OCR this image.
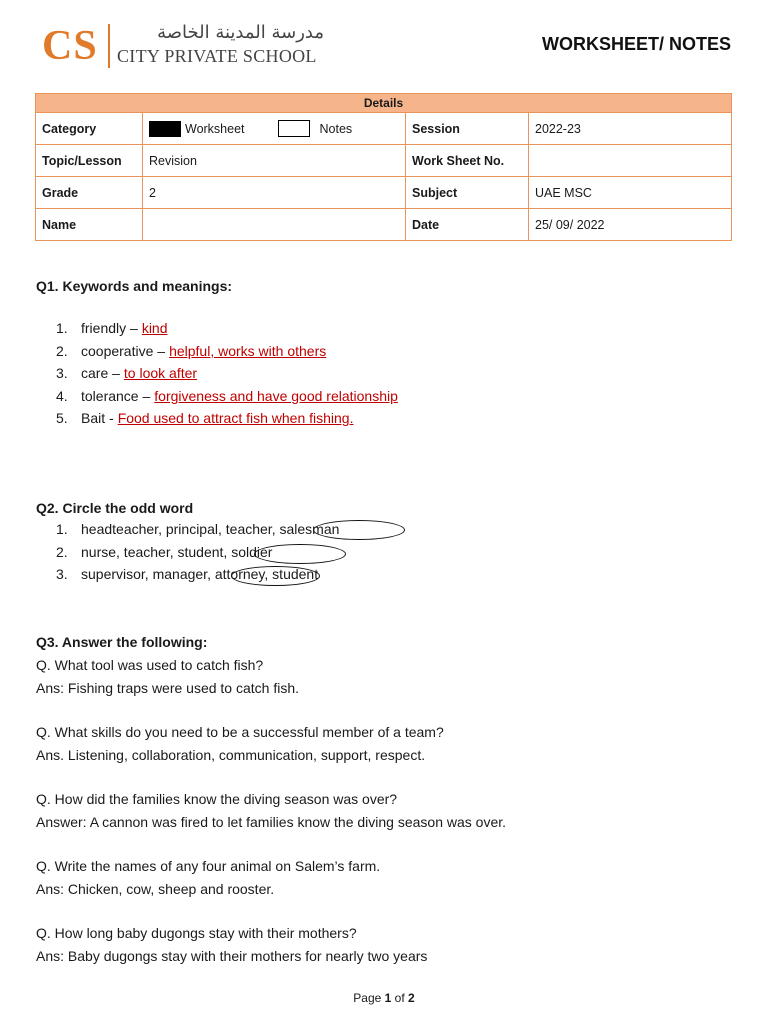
CS	مدرسة المدينة الخاصة
CITY PRIVATE SCHOOL
WORKSHEET/ NOTES
Details			
Category	Worksheet Notes	Session	2022-23
Topic/Lesson	Revision	Work Sheet No.	
Grade	2	Subject	UAE MSC
Name		Date	25/ 09/ 2022
Q1. Keywords and meanings:
1. friendly – kind
2. cooperative – helpful, works with others
3. care – to look after
4. tolerance – forgiveness and have good relationship
5. Bait - Food used to attract fish when fishing.
Q2. Circle the odd word
1. headteacher, principal, teacher, salesman
2. nurse, teacher, student, soldier
3. supervisor, manager, attorney, student
Q3. Answer the following:
Q. What tool was used to catch fish?
Ans: Fishing traps were used to catch fish.
Q. What skills do you need to be a successful member of a team?
Ans. Listening, collaboration, communication, support, respect.
Q. How did the families know the diving season was over?
Answer: A cannon was fired to let families know the diving season was over.
Q. Write the names of any four animal on Salem’s farm.
Ans: Chicken, cow, sheep and rooster.
Q. How long baby dugongs stay with their mothers?
Ans: Baby dugongs stay with their mothers for nearly two years
Page 1 of 2
